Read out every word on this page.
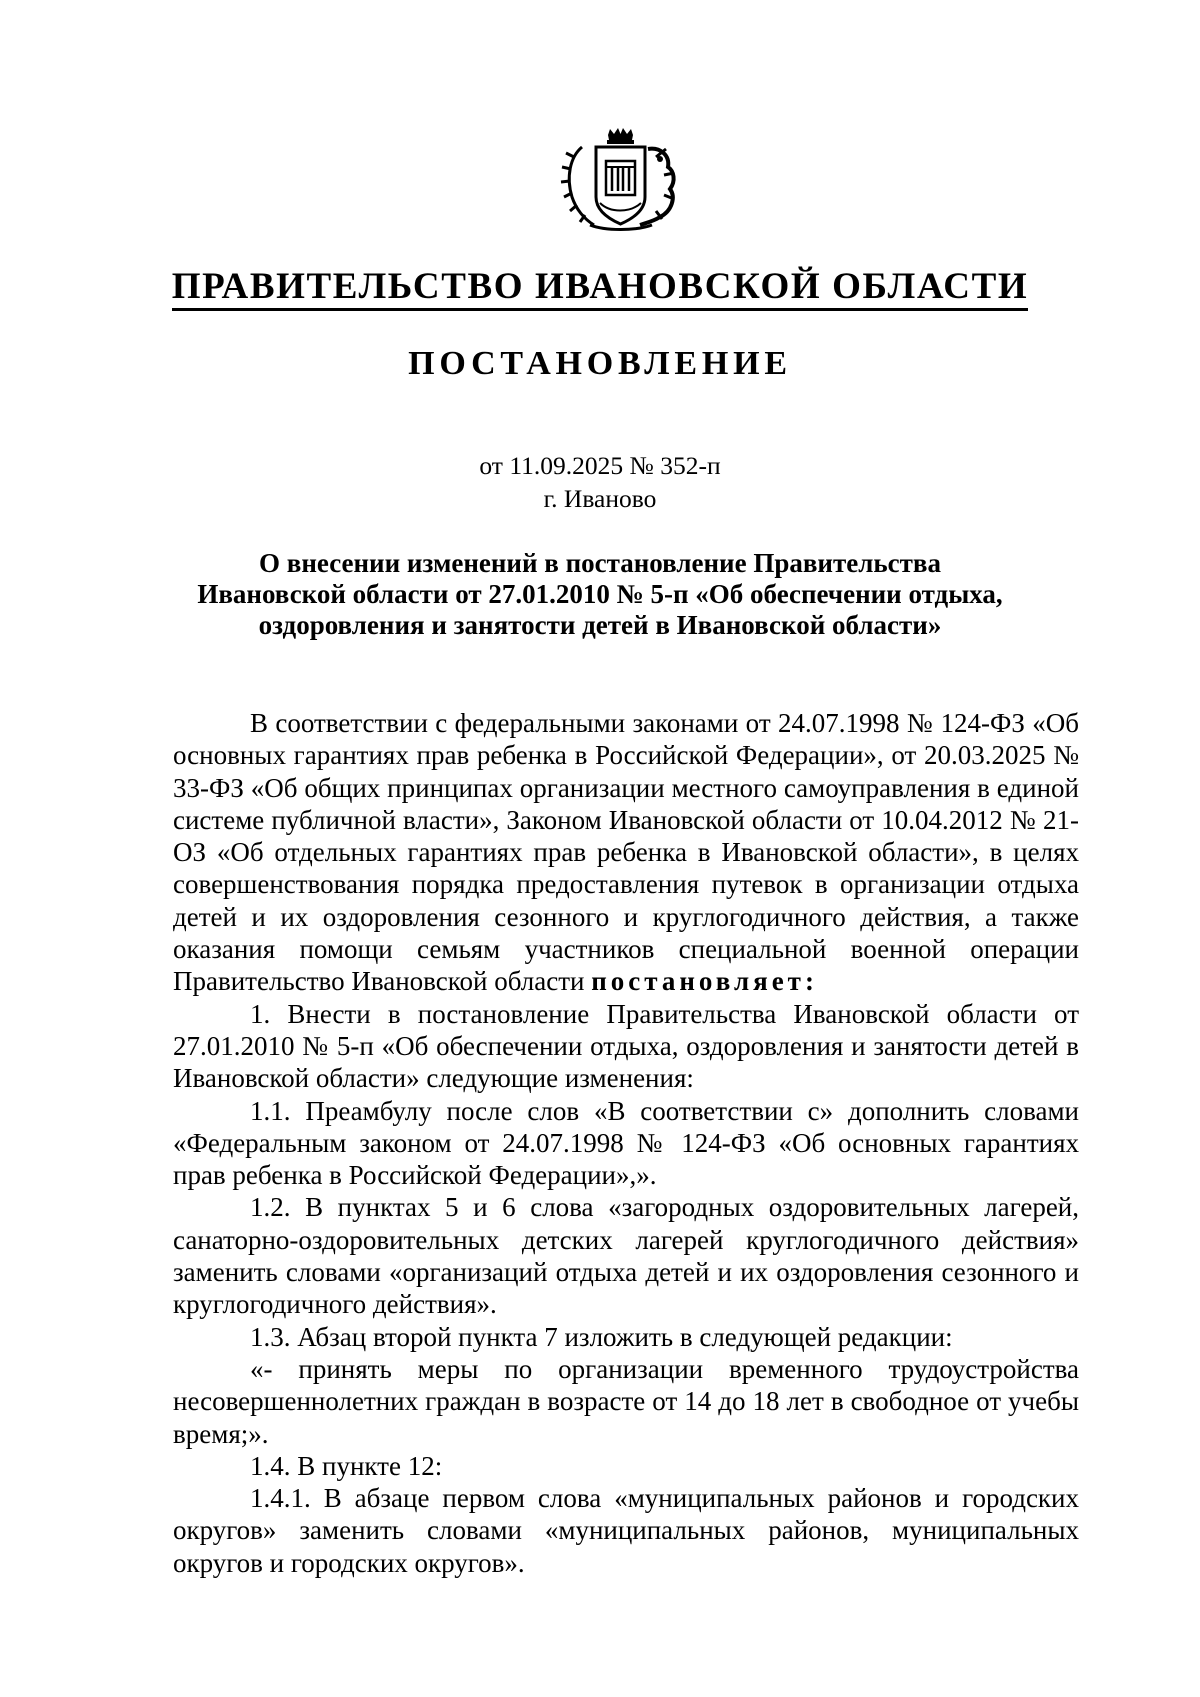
ПРАВИТЕЛЬСТВО ИВАНОВСКОЙ ОБЛАСТИ
ПОСТАНОВЛЕНИЕ
от 11.09.2025 № 352-п
г. Иваново
О внесении изменений в постановление Правительства
Ивановской области от 27.01.2010 № 5-п «Об обеспечении отдыха,
оздоровления и занятости детей в Ивановской области»

В соответствии с федеральными законами от 24.07.1998 № 124-ФЗ «Об основных гарантиях прав ребенка в Российской Федерации», от 20.03.2025 № 33-ФЗ «Об общих принципах организации местного самоуправления в единой системе публичной власти», Законом Ивановской области от 10.04.2012 № 21-ОЗ «Об отдельных гарантиях прав ребенка в Ивановской области», в целях совершенствования порядка предоставления путевок в организации отдыха детей и их оздоровления сезонного и круглогодичного действия, а также оказания помощи семьям участников специальной военной операции Правительство Ивановской области постановляет:

1. Внести в постановление Правительства Ивановской области от 27.01.2010 № 5-п «Об обеспечении отдыха, оздоровления и занятости детей в Ивановской области» следующие изменения:

1.1. Преамбулу после слов «В соответствии с» дополнить словами «Федеральным законом от 24.07.1998 № 124-ФЗ «Об основных гарантиях прав ребенка в Российской Федерации»,».

1.2. В пунктах 5 и 6 слова «загородных оздоровительных лагерей, санаторно-оздоровительных детских лагерей круглогодичного действия» заменить словами «организаций отдыха детей и их оздоровления сезонного и круглогодичного действия».

1.3. Абзац второй пункта 7 изложить в следующей редакции:

«- принять меры по организации временного трудоустройства несовершеннолетних граждан в возрасте от 14 до 18 лет в свободное от учебы время;».

1.4. В пункте 12:

1.4.1. В абзаце первом слова «муниципальных районов и городских округов» заменить словами «муниципальных районов, муниципальных округов и городских округов».
